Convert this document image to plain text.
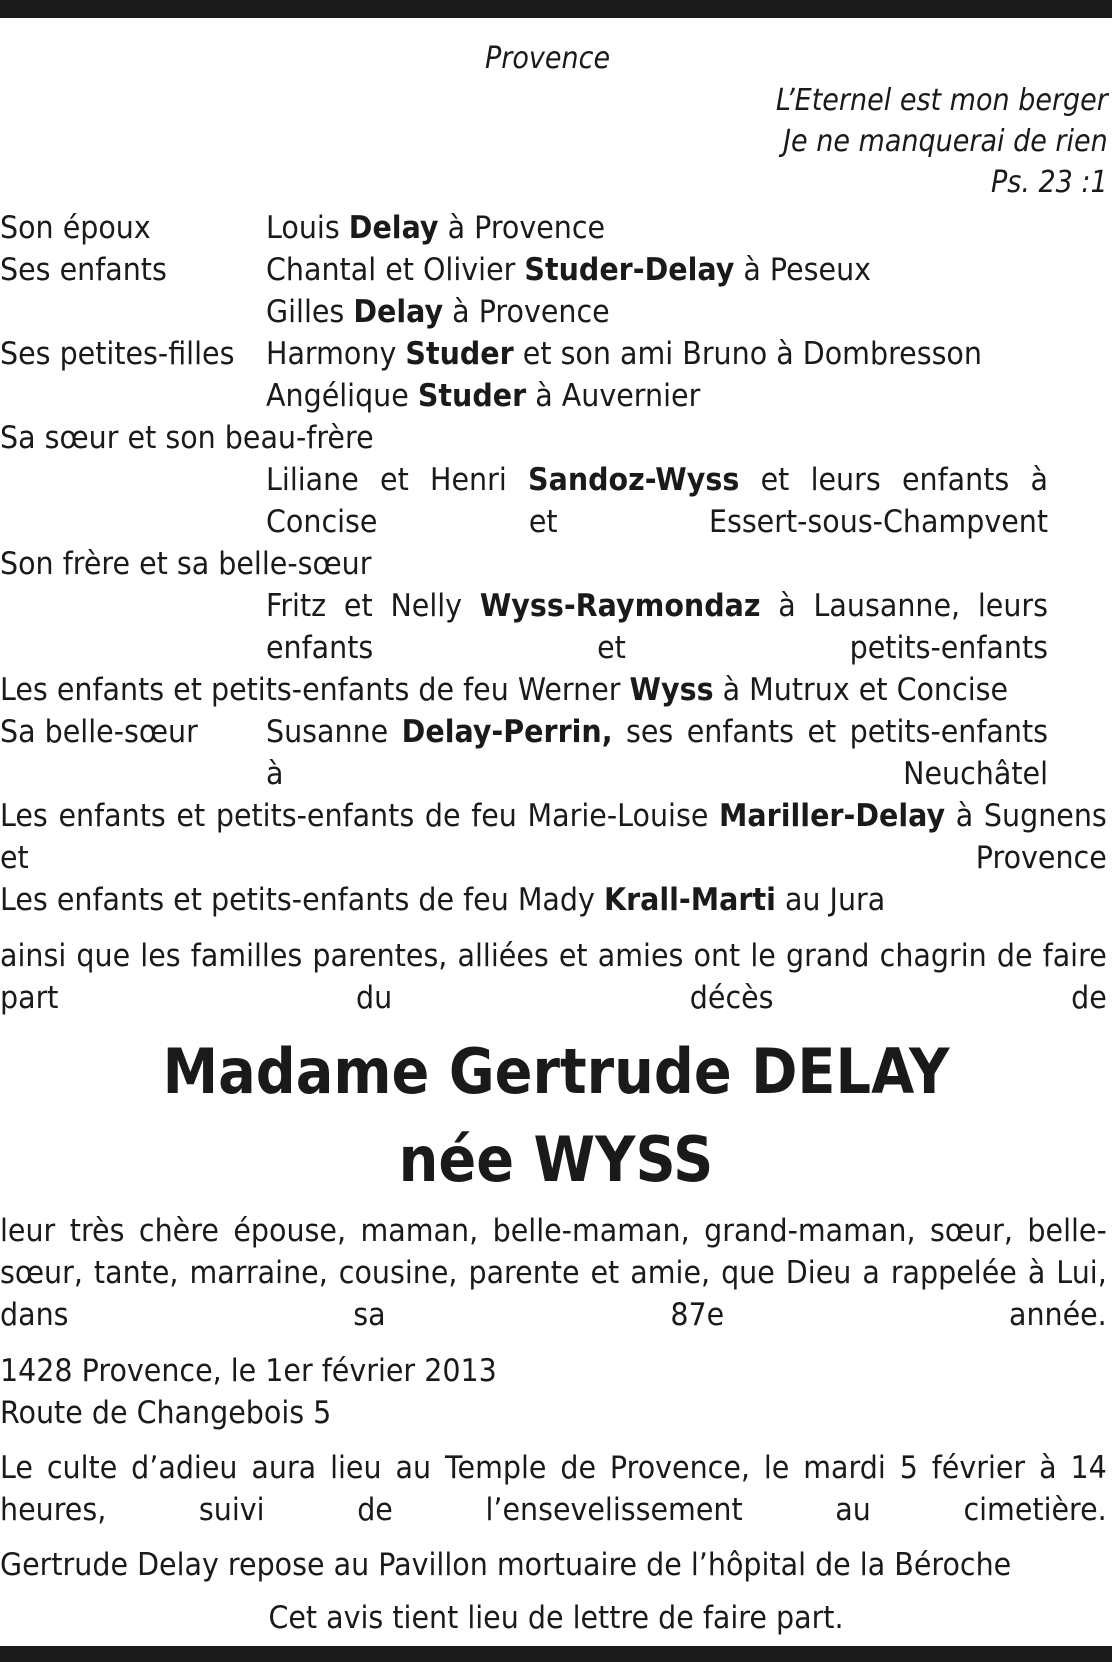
Provence
L’Eternel est mon berger
Je ne manquerai de rien
Ps. 23 :1
Son époux	Louis Delay à Provence
Ses enfants	Chantal et Olivier Studer-Delay à Peseux
Gilles Delay à Provence
Ses petites-filles Harmony Studer et son ami Bruno à Dombresson
Angélique Studer à Auvernier
Sa sœur et son beau-frère
Liliane et Henri Sandoz-Wyss et leurs enfants à Concise et Essert-sous-Champvent
Son frère et sa belle-sœur
Fritz et Nelly Wyss-Raymondaz à Lausanne, leurs enfants et petits-enfants
Les enfants et petits-enfants de feu Werner Wyss à Mutrux et Concise
Sa belle-sœur Susanne Delay-Perrin, ses enfants et petits-enfants à Neuchâtel
Les enfants et petits-enfants de feu Marie-Louise Mariller-Delay à Sugnens et Provence
Les enfants et petits-enfants de feu Mady Krall-Marti au Jura
ainsi que les familles parentes, alliées et amies ont le grand chagrin de faire part du décès de
Madame Gertrude DELAY
née WYSS
leur très chère épouse, maman, belle-maman, grand-maman, sœur, belle-sœur, tante, marraine, cousine, parente et amie, que Dieu a rappelée à Lui, dans sa 87e année.
1428 Provence, le 1er février 2013
Route de Changebois 5
Le culte d’adieu aura lieu au Temple de Provence, le mardi 5 février à 14 heures, suivi de l’ensevelissement au cimetière.
Gertrude Delay repose au Pavillon mortuaire de l’hôpital de la Béroche
Cet avis tient lieu de lettre de faire part.
